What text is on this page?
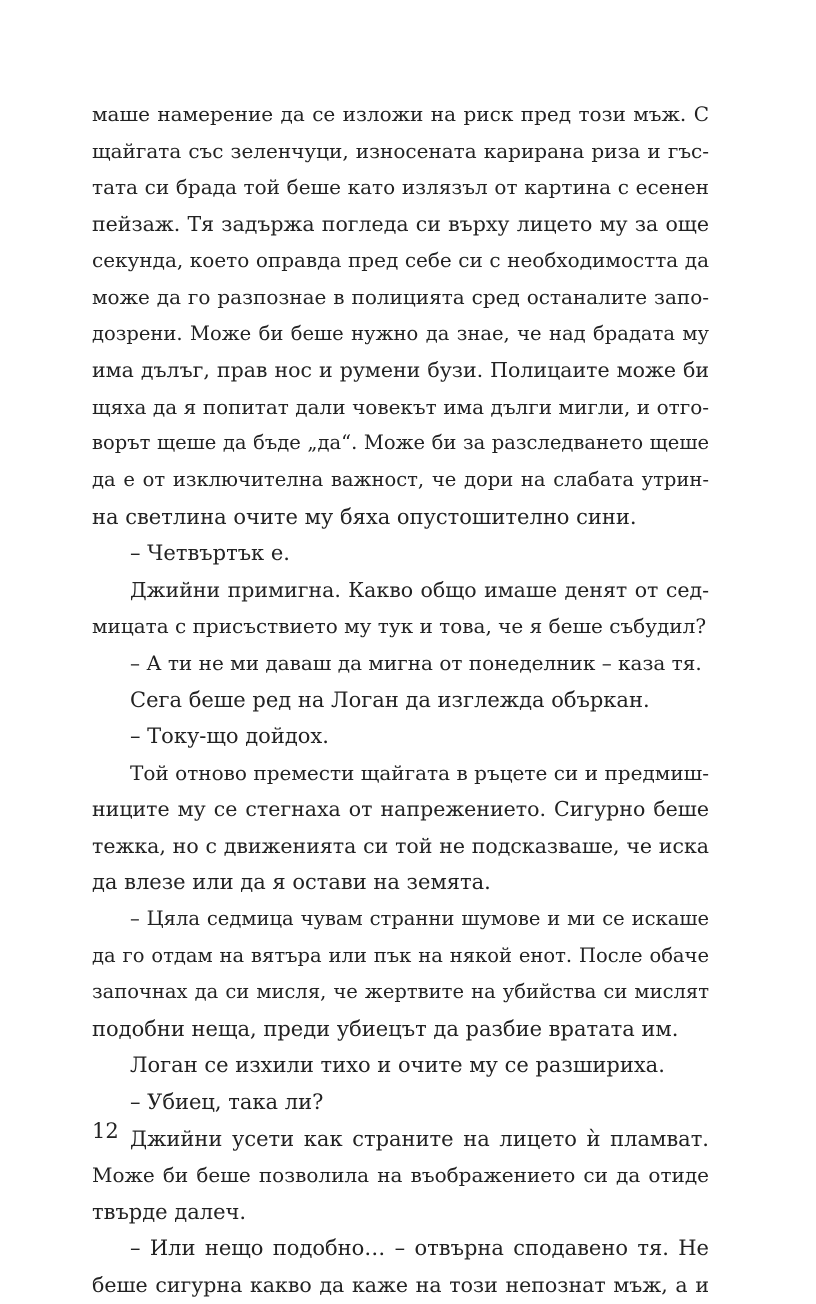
маше намерение да се изложи на риск пред този мъж. С
щайгата със зеленчуци, износената карирана риза и гъс-
тата си брада той беше като излязъл от картина с есенен
пейзаж. Тя задържа погледа си върху лицето му за още
секунда, което оправда пред себе си с необходимостта да
може да го разпознае в полицията сред останалите запо-
дозрени. Може би беше нужно да знае, че над брадата му
има дълъг, прав нос и румени бузи. Полицаите може би
щяха да я попитат дали човекът има дълги мигли, и отго-
ворът щеше да бъде „да“. Може би за разследването щеше
да е от изключителна важност, че дори на слабата утрин-
на светлина очите му бяха опустошително сини.
– Четвъртък е.
Джийни примигна. Какво общо имаше денят от сед-
мицата с присъствието му тук и това, че я беше събудил?
– А ти не ми даваш да мигна от понеделник – каза тя.
Сега беше ред на Логан да изглежда объркан.
– Току-що дойдох.
Той отново премести щайгата в ръцете си и предмиш-
ниците му се стегнаха от напрежението. Сигурно беше
тежка, но с движенията си той не подсказваше, че иска
да влезе или да я остави на земята.
– Цяла седмица чувам странни шумове и ми се искаше
да го отдам на вятъра или пък на някой енот. После обаче
започнах да си мисля, че жертвите на убийства си мислят
подобни неща, преди убиецът да разбие вратата им.
Логан се изхили тихо и очите му се разшириха.
– Убиец, така ли?
Джийни усети как страните на лицето ѝ пламват.
Може би беше позволила на въображението си да отиде
твърде далеч.
– Или нещо подобно… – отвърна сподавено тя. Не
беше сигурна какво да каже на този непознат мъж, а и
12
